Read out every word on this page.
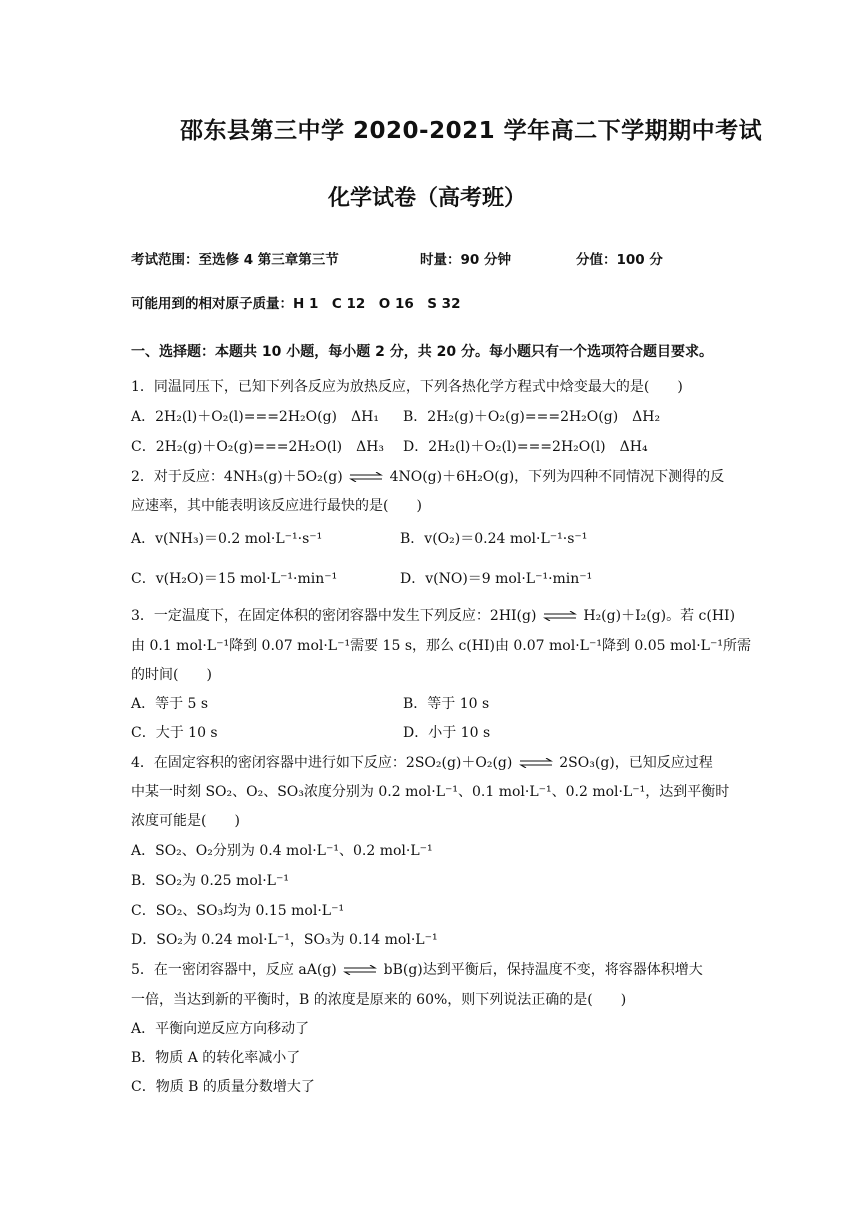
邵东县第三中学 2020-2021 学年高二下学期期中考试
化学试卷（高考班）
考试范围：至选修 4 第三章第三节	时量：90 分钟	分值：100 分
可能用到的相对原子质量：H 1　C 12　O 16　S 32
一、选择题：本题共 10 小题，每小题 2 分，共 20 分。每小题只有一个选项符合题目要求。
1．同温同压下，已知下列各反应为放热反应，下列各热化学方程式中焓变最大的是(　　)
A．2H₂(l)＋O₂(l)===2H₂O(g)　ΔH₁ B．2H₂(g)＋O₂(g)===2H₂O(g)　ΔH₂
C．2H₂(g)＋O₂(g)===2H₂O(l)　ΔH₃ D．2H₂(l)＋O₂(l)===2H₂O(l)　ΔH₄
2．对于反应：4NH₃(g)＋5O₂(g) ⇌ 4NO(g)＋6H₂O(g)，下列为四种不同情况下测得的反
应速率，其中能表明该反应进行最快的是(　　)
A．v(NH₃)＝0.2 mol·L⁻¹·s⁻¹	B．v(O₂)＝0.24 mol·L⁻¹·s⁻¹
C．v(H₂O)＝15 mol·L⁻¹·min⁻¹	D．v(NO)＝9 mol·L⁻¹·min⁻¹
3．一定温度下，在固定体积的密闭容器中发生下列反应：2HI(g) ⇌ H₂(g)＋I₂(g)。若 c(HI)
由 0.1 mol·L⁻¹降到 0.07 mol·L⁻¹需要 15 s，那么 c(HI)由 0.07 mol·L⁻¹降到 0.05 mol·L⁻¹所需
的时间(　　)
A．等于 5 s	B．等于 10 s
C．大于 10 s	D．小于 10 s
4．在固定容积的密闭容器中进行如下反应：2SO₂(g)＋O₂(g) ⇌ 2SO₃(g)，已知反应过程
中某一时刻 SO₂、O₂、SO₃浓度分别为 0.2 mol·L⁻¹、0.1 mol·L⁻¹、0.2 mol·L⁻¹，达到平衡时
浓度可能是(　　)
A．SO₂、O₂分别为 0.4 mol·L⁻¹、0.2 mol·L⁻¹
B．SO₂为 0.25 mol·L⁻¹
C．SO₂、SO₃均为 0.15 mol·L⁻¹
D．SO₂为 0.24 mol·L⁻¹，SO₃为 0.14 mol·L⁻¹
5．在一密闭容器中，反应 aA(g) ⇌ bB(g)达到平衡后，保持温度不变，将容器体积增大
一倍，当达到新的平衡时，B 的浓度是原来的 60%，则下列说法正确的是(　　)
A．平衡向逆反应方向移动了
B．物质 A 的转化率减小了
C．物质 B 的质量分数增大了
